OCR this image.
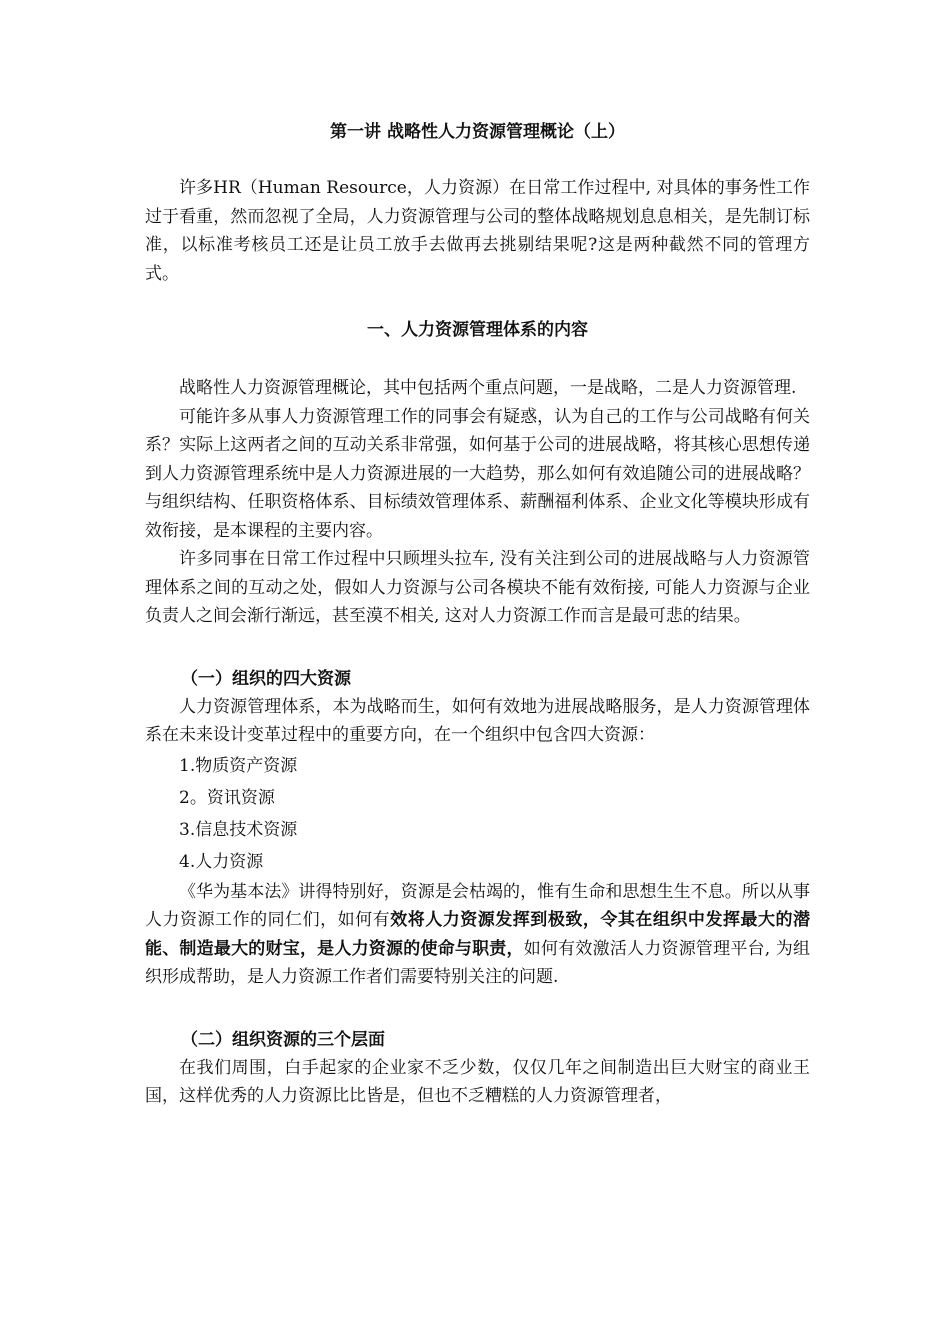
第一讲 战略性人力资源管理概论（上）

许多HR（Human Resource，人力资源）在日常工作过程中, 对具体的事务性工作过于看重，然而忽视了全局，人力资源管理与公司的整体战略规划息息相关，是先制订标准，以标准考核员工还是让员工放手去做再去挑剔结果呢?这是两种截然不同的管理方式。

一、人力资源管理体系的内容

战略性人力资源管理概论，其中包括两个重点问题，一是战略，二是人力资源管理.

可能许多从事人力资源管理工作的同事会有疑惑，认为自己的工作与公司战略有何关系？实际上这两者之间的互动关系非常强，如何基于公司的进展战略，将其核心思想传递到人力资源管理系统中是人力资源进展的一大趋势，那么如何有效追随公司的进展战略？与组织结构、任职资格体系、目标绩效管理体系、薪酬福利体系、企业文化等模块形成有效衔接，是本课程的主要内容。

许多同事在日常工作过程中只顾埋头拉车, 没有关注到公司的进展战略与人力资源管理体系之间的互动之处，假如人力资源与公司各模块不能有效衔接, 可能人力资源与企业负责人之间会渐行渐远，甚至漠不相关, 这对人力资源工作而言是最可悲的结果。

（一）组织的四大资源

人力资源管理体系，本为战略而生，如何有效地为进展战略服务，是人力资源管理体系在未来设计变革过程中的重要方向，在一个组织中包含四大资源：

1.物质资产资源
2。资讯资源
3.信息技术资源
4.人力资源

《华为基本法》讲得特别好，资源是会枯竭的，惟有生命和思想生生不息。所以从事人力资源工作的同仁们，如何有效将人力资源发挥到极致，令其在组织中发挥最大的潜能、制造最大的财宝，是人力资源的使命与职责，如何有效激活人力资源管理平台, 为组织形成帮助，是人力资源工作者们需要特别关注的问题.

（二）组织资源的三个层面

在我们周围，白手起家的企业家不乏少数，仅仅几年之间制造出巨大财宝的商业王国，这样优秀的人力资源比比皆是，但也不乏糟糕的人力资源管理者，
